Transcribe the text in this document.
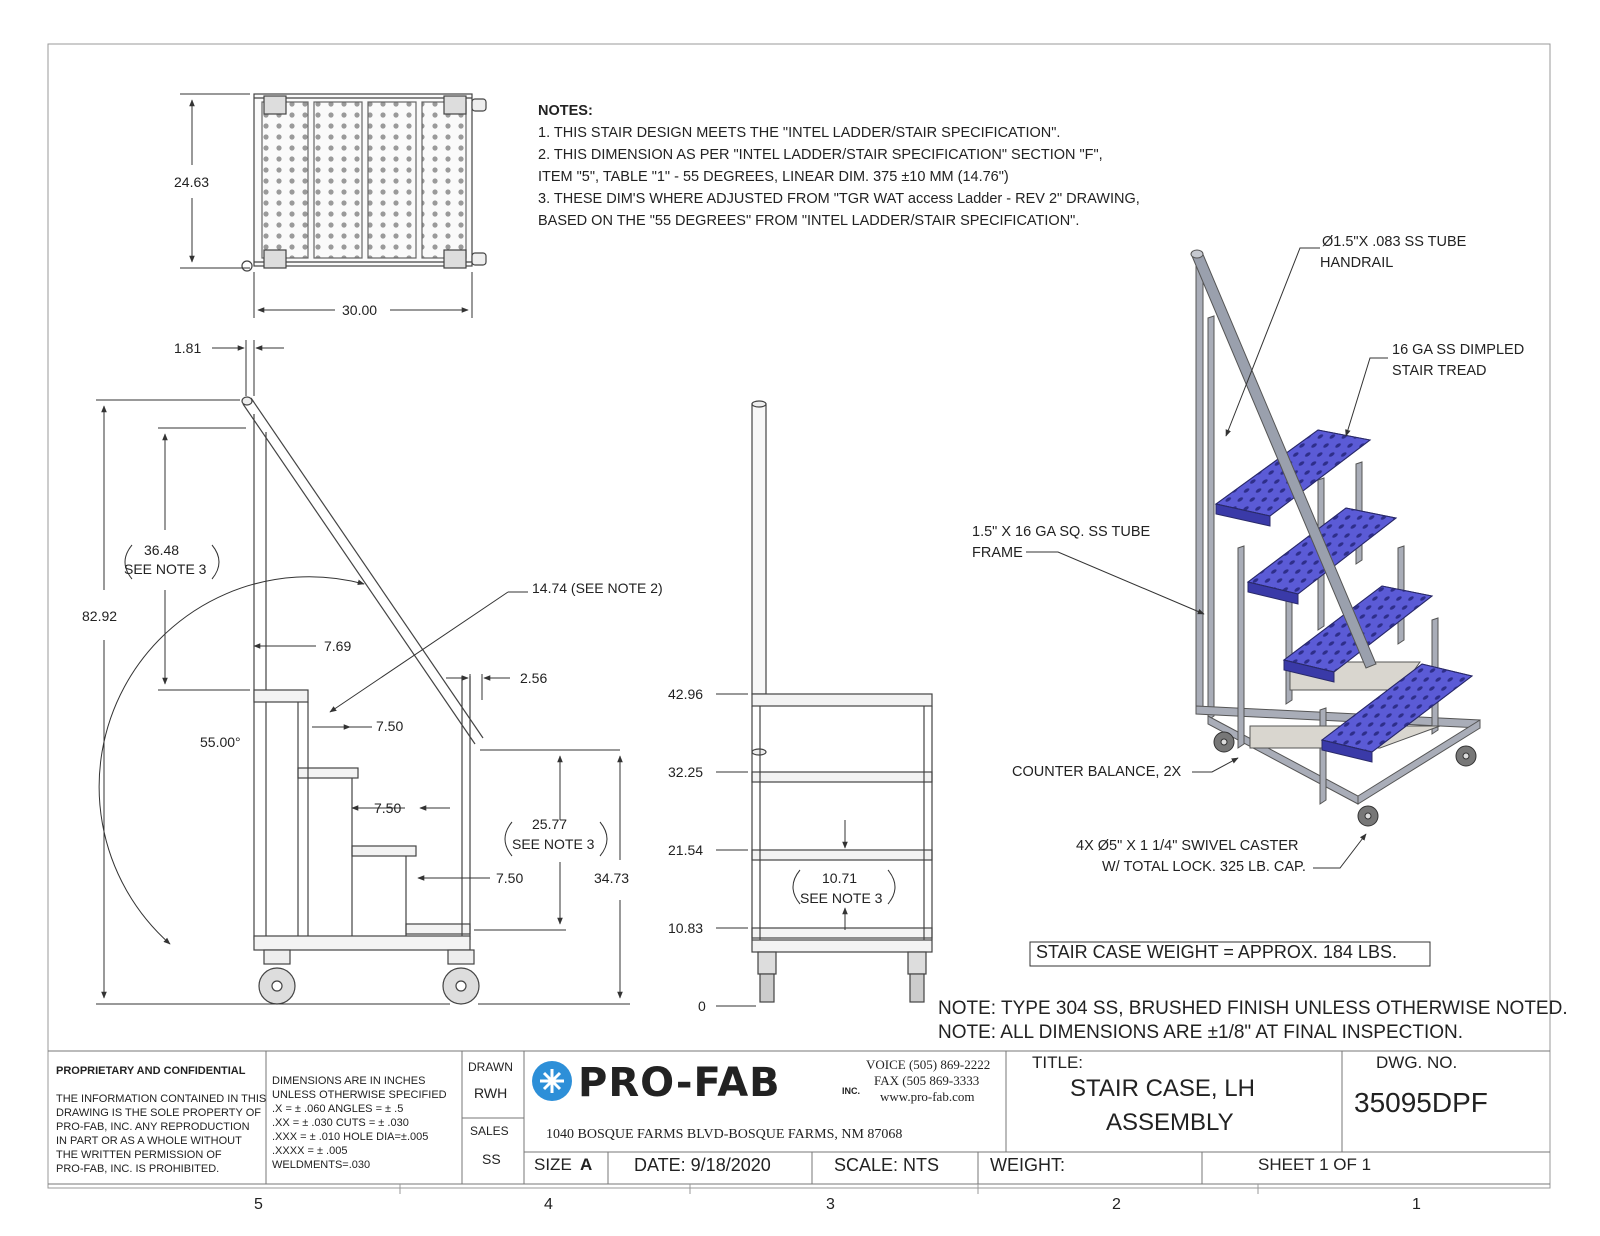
NOTES:
1. THIS STAIR DESIGN MEETS THE "INTEL LADDER/STAIR SPECIFICATION".
2. THIS DIMENSION AS PER "INTEL LADDER/STAIR SPECIFICATION" SECTION "F",
ITEM "5", TABLE "1" - 55 DEGREES, LINEAR DIM. 375 ±10 MM (14.76")
3. THESE DIM'S WHERE ADJUSTED FROM "TGR WAT access Ladder - REV 2" DRAWING,
BASED ON THE "55 DEGREES" FROM "INTEL LADDER/STAIR SPECIFICATION".
24.63
30.00
1.81
82.92
36.48
SEE NOTE 3
14.74 (SEE NOTE 2)
7.69
2.56
7.50
55.00°
7.50
7.50
25.77
SEE NOTE 3
34.73
42.96
32.25
21.54
10.83
0
10.71
SEE NOTE 3
Ø1.5"X .083 SS TUBE
HANDRAIL
16 GA SS DIMPLED
STAIR TREAD
1.5" X 16 GA SQ. SS TUBE
FRAME
COUNTER BALANCE, 2X
4X Ø5" X 1 1/4" SWIVEL CASTER
W/ TOTAL LOCK. 325 LB. CAP.
STAIR CASE WEIGHT = APPROX. 184 LBS.
NOTE: TYPE 304 SS, BRUSHED FINISH UNLESS OTHERWISE NOTED.
NOTE: ALL DIMENSIONS ARE ±1/8" AT FINAL INSPECTION.
PROPRIETARY AND CONFIDENTIAL
THE INFORMATION CONTAINED IN THIS
DRAWING IS THE SOLE PROPERTY OF
PRO-FAB, INC. ANY REPRODUCTION
IN PART OR AS A WHOLE WITHOUT
THE WRITTEN PERMISSION OF
PRO-FAB, INC. IS PROHIBITED.
DIMENSIONS ARE IN INCHES
UNLESS OTHERWISE SPECIFIED
.X = ± .060 ANGLES = ± .5
.XX = ± .030 CUTS = ± .030
.XXX = ± .010 HOLE DIA=±.005
.XXXX = ± .005
WELDMENTS=.030
DRAWN
RWH
SALES
SS
PRO-FAB	INC.
VOICE (505) 869-2222
FAX (505 869-3333
www.pro-fab.com
1040 BOSQUE FARMS BLVD-BOSQUE FARMS, NM 87068
TITLE:
STAIR CASE, LH
ASSEMBLY
DWG. NO.
35095DPF
SIZE A DATE: 9/18/2020	SCALE: NTS	WEIGHT:	SHEET 1 OF 1
5	4	3	2	1
